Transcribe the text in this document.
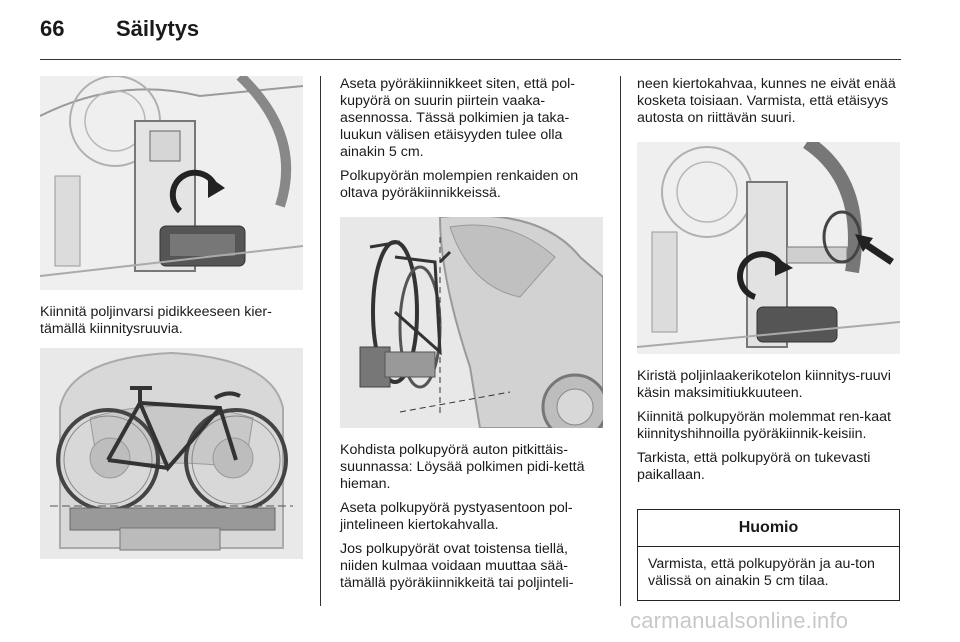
66 Säilytys

Kiinnitä poljinvarsi pidikkeeseen kier-tämällä kiinnitysruuvia.

Aseta pyöräkiinnikkeet siten, että pol-kupyörä on suurin piirtein vaaka-asennossa. Tässä polkimien ja taka-luukun välisen etäisyyden tulee olla ainakin 5 cm.

Polkupyörän molempien renkaiden on oltava pyöräkiinnikkeissä.

Kohdista polkupyörä auton pitkittäis-suunnassa: Löysää polkimen pidi-kettä hieman.

Aseta polkupyörä pystyasentoon pol-jintelineen kiertokahvalla.

Jos polkupyörät ovat toistensa tiellä, niiden kulmaa voidaan muuttaa sää-tämällä pyöräkiinnikkeitä tai poljinteli-

neen kiertokahvaa, kunnes ne eivät enää kosketa toisiaan. Varmista, että etäisyys autosta on riittävän suuri.

Kiristä poljinlaakerikotelon kiinnitys-ruuvi käsin maksimitiukkuuteen.

Kiinnitä polkupyörän molemmat ren-kaat kiinnityshihnoilla pyöräkiinnik-keisiin.

Tarkista, että polkupyörä on tukevasti paikallaan.

Huomio
Varmista, että polkupyörän ja au-ton välissä on ainakin 5 cm tilaa.
carmanualsonline.info
